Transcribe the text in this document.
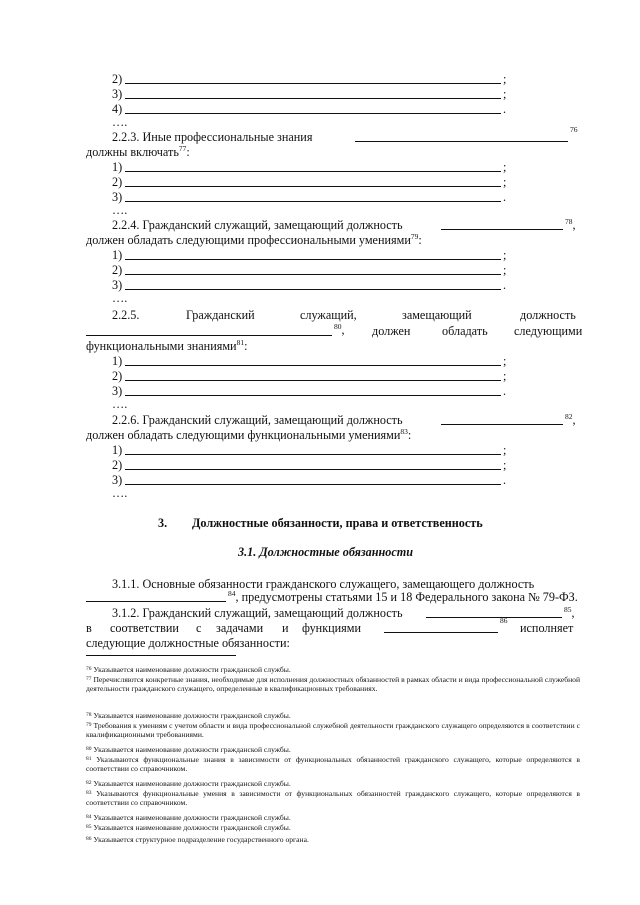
2)	;
3)	;
4)	.
….
2.2.3. Иные профессиональные знания
76
должны включать$^{77}$:
1)	;
2)	;
3)	.
….
2.2.4. Гражданский служащий, замещающий должность	$^{78}$,
должен обладать следующими профессиональными умениями$^{79}$:
1)	;
2)	;
3)	.
….
2.2.5.	Гражданский	служащий,	замещающий	должность
$^{80}$, должен	обладать следующими
функциональными знаниями$^{81}$:
1)	;
2)	;
3)	.
….
2.2.6. Гражданский служащий, замещающий должность	$^{82}$,
должен обладать следующими функциональными умениями$^{83}$:
1)	;
2)	;
3)	.
….
3. Должностные обязанности, права и ответственность
3.1. Должностные обязанности
3.1.1. Основные обязанности гражданского служащего, замещающего должность
$^{84}$, предусмотрены статьями 15 и 18 Федерального закона № 79-ФЗ.
3.1.2. Гражданский служащий, замещающий должность	$^{85}$,
в соответствии с задачами и функциями
86
исполняет
следующие должностные обязанности:
$^{76}$ Указывается наименование должности гражданской службы.
$^{77}$ Перечисляются конкретные знания, необходимые для исполнения должностных обязанностей в рамках области и вида профессиональной служебной деятельности гражданского служащего, определенные в квалификационных требованиях.
$^{78}$ Указывается наименование должности гражданской службы.
$^{79}$ Требования к умениям с учетом области и вида профессиональной служебной деятельности гражданского служащего определяются в соответствии с квалификационными требованиями.
$^{80}$ Указывается наименование должности гражданской службы.
$^{81}$ Указываются функциональные знания в зависимости от функциональных обязанностей гражданского служащего, которые определяются в соответствии со справочником.
$^{82}$ Указывается наименование должности гражданской службы.
$^{83}$ Указываются функциональные умения в зависимости от функциональных обязанностей гражданского служащего, которые определяются в соответствии со справочником.
$^{84}$ Указывается наименование должности гражданской службы.
$^{85}$ Указывается наименование должности гражданской службы.
$^{86}$ Указывается структурное подразделение государственного органа.
